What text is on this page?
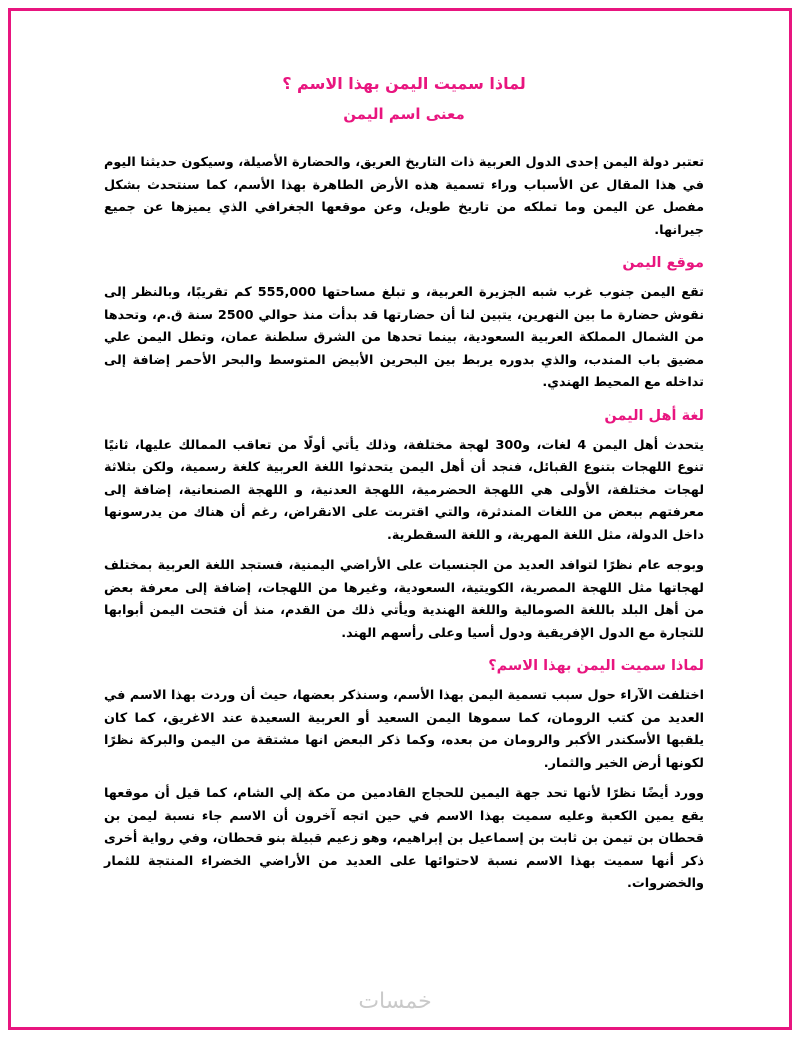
لماذا سميت اليمن بهذا الاسم ؟
معنى اسم اليمن

تعتبر دولة اليمن إحدى الدول العربية ذات التاريخ العريق، والحضارة الأصيلة، وسيكون حديثنا اليوم في هذا المقال عن الأسباب وراء تسمية هذه الأرض الطاهرة بهذا الأسم، كما سنتحدث بشكل مفصل عن اليمن وما تملكه من تاريخ طويل، وعن موقعها الجغرافي الذي يميزها عن جميع جيرانها.

موقع اليمن

تقع اليمن جنوب غرب شبه الجزيرة العربية، و تبلغ مساحتها 555,000 كم تقريبًا، وبالنظر إلى نقوش حضارة ما بين النهرين، يتبين لنا أن حضارتها قد بدأت منذ حوالي 2500 سنة ق.م، وتحدها من الشمال المملكة العربية السعودية، بينما تحدها من الشرق سلطنة عمان، وتطل اليمن علي مضيق باب المندب، والذي بدوره يربط بين البحرين الأبيض المتوسط والبحر الأحمر إضافة إلى تداخله مع المحيط الهندي.

لغة أهل اليمن

يتحدث أهل اليمن 4 لغات، و300 لهجة مختلفة، وذلك يأتي أولًا من تعاقب الممالك عليها، ثانيًا تنوع اللهجات بتنوع القبائل، فنجد أن أهل اليمن يتحدثوا اللغة العربية كلغة رسمية، ولكن بثلاثة لهجات مختلفة، الأولى هي اللهجة الحضرمية، اللهجة العدنية، و اللهجة الصنعانية، إضافة إلى معرفتهم ببعض من اللغات المندثرة، والتي اقتربت على الانقراض، رغم أن هناك من يدرسونها داخل الدولة، مثل اللغة المهرية، و اللغة السقطرية.

وبوجه عام نظرًا لتوافد العديد من الجنسيات على الأراضي اليمنية، فستجد اللغة العربية بمختلف لهجاتها مثل اللهجة المصرية، الكويتية، السعودية، وغيرها من اللهجات، إضافة إلى معرفة بعض من أهل البلد باللغة الصومالية واللغة الهندية ويأتي ذلك من القدم، منذ أن فتحت اليمن أبوابها للتجارة مع الدول الإفريقية ودول أسيا وعلى رأسهم الهند.

لماذا سميت اليمن بهذا الاسم؟

اختلفت الآراء حول سبب تسمية اليمن بهذا الأسم، وسنذكر بعضها، حيث أن وردت بهذا الاسم في العديد من كتب الرومان، كما سموها اليمن السعيد أو العربية السعيدة عند الاغريق، كما كان يلقبها الأسكندر الأكبر والرومان من بعده، وكما ذكر البعض انها مشتقة من اليمن والبركة نظرًا لكونها أرض الخير والثمار.

وورد أيضًا نظرًا لأنها تحد جهة اليمين للحجاج القادمين من مكة إلي الشام، كما قيل أن موقعها يقع يمين الكعبة وعليه سميت بهذا الاسم في حين اتجه آخرون أن الاسم جاء نسبة ليمن بن قحطان بن تيمن بن ثابت بن إسماعيل بن إبراهيم، وهو زعيم قبيلة بنو قحطان، وفي رواية أخرى ذكر أنها سميت بهذا الاسم نسبة لاحتوائها على العديد من الأراضي الخضراء المنتجة للثمار والخضروات.

خمسات
